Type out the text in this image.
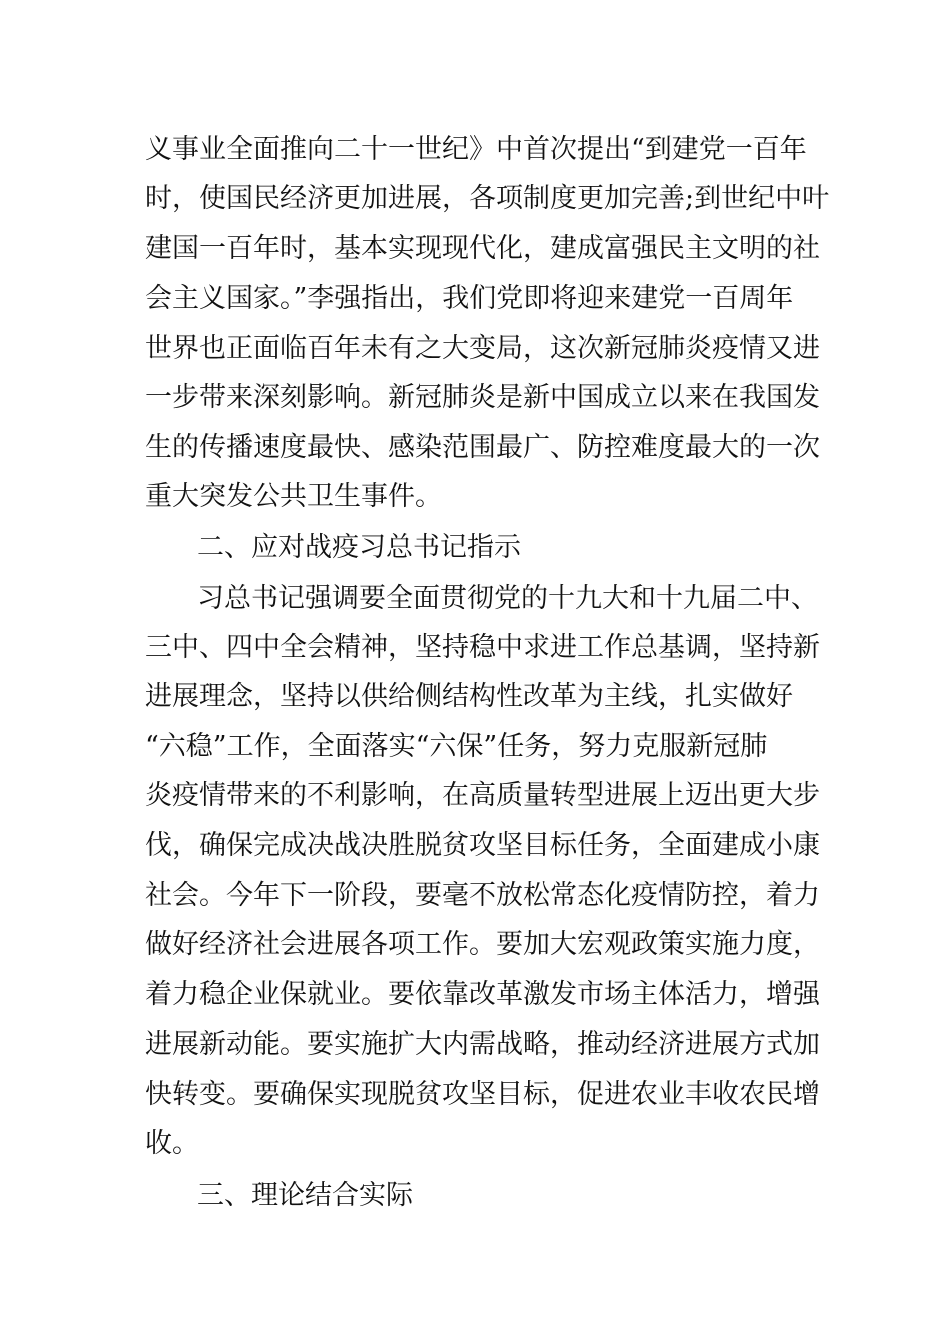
义事业全面推向二十一世纪》中首次提出“到建党一百年
时，使国民经济更加进展，各项制度更加完善;到世纪中叶
建国一百年时，基本实现现代化，建成富强民主文明的社
会主义国家。”李强指出，我们党即将迎来建党一百周年
世界也正面临百年未有之大变局，这次新冠肺炎疫情又进
一步带来深刻影响。新冠肺炎是新中国成立以来在我国发
生的传播速度最快、感染范围最广、防控难度最大的一次
重大突发公共卫生事件。
二、应对战疫习总书记指示
习总书记强调要全面贯彻党的十九大和十九届二中、
三中、四中全会精神，坚持稳中求进工作总基调，坚持新
进展理念，坚持以供给侧结构性改革为主线，扎实做好
“六稳”工作，全面落实“六保”任务，努力克服新冠肺
炎疫情带来的不利影响，在高质量转型进展上迈出更大步
伐，确保完成决战决胜脱贫攻坚目标任务，全面建成小康
社会。今年下一阶段，要毫不放松常态化疫情防控，着力
做好经济社会进展各项工作。要加大宏观政策实施力度，
着力稳企业保就业。要依靠改革激发市场主体活力，增强
进展新动能。要实施扩大内需战略，推动经济进展方式加
快转变。要确保实现脱贫攻坚目标，促进农业丰收农民增
收。
三、理论结合实际
